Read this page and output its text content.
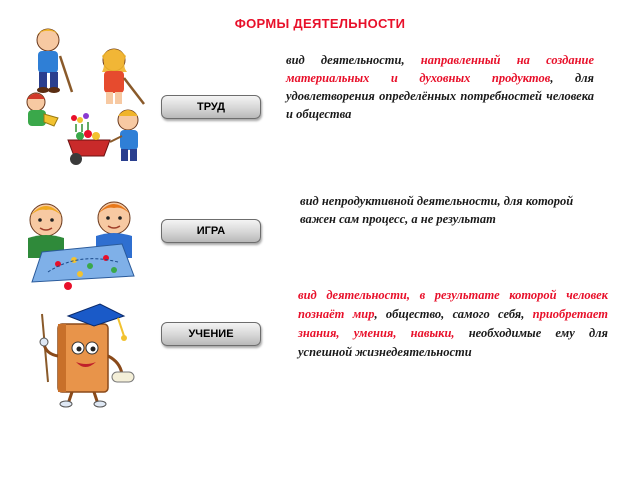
ФОРМЫ ДЕЯТЕЛЬНОСТИ
ТРУД
ИГРА
УЧЕНИЕ
вид деятельности, направленный на создание материальных и духовных продуктов, для удовлетворения определённых потребностей человека и общества
вид непродуктивной деятельности, для которой важен сам процесс, а не результат
вид деятельности, в результате которой человек познаёт мир, общество, самого себя, приобретает знания, умения, навыки, необходимые ему для успешной жизнедеятельности
